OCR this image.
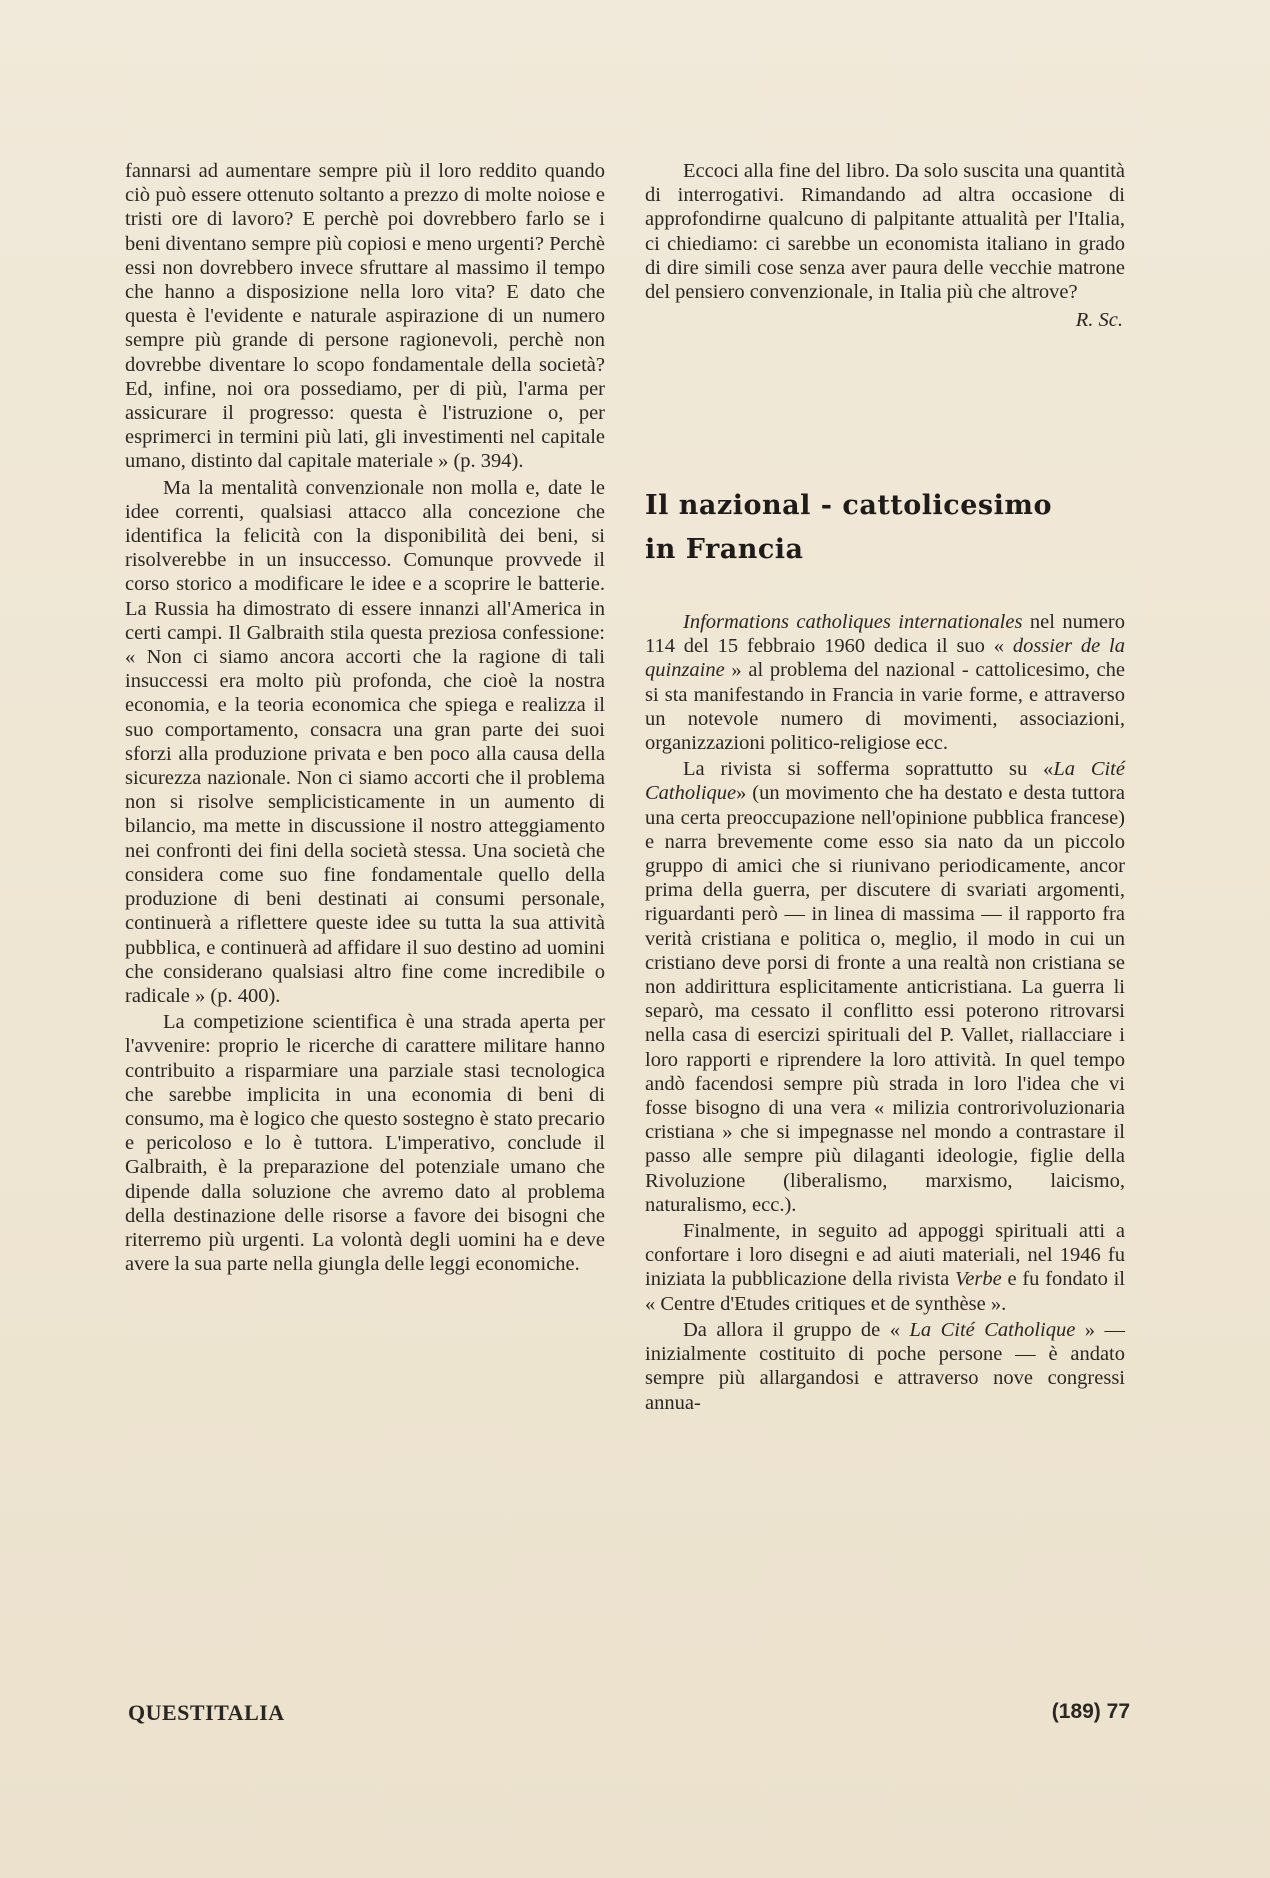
fannarsi ad aumentare sempre più il loro reddito quando ciò può essere ottenuto soltanto a prezzo di molte noiose e tristi ore di lavoro? E perchè poi dovrebbero farlo se i beni diventano sempre più copiosi e meno urgenti? Perchè essi non dovrebbero invece sfruttare al massimo il tempo che hanno a disposizione nella loro vita? E dato che questa è l'evidente e naturale aspirazione di un numero sempre più grande di persone ragionevoli, perchè non dovrebbe diventare lo scopo fondamentale della società? Ed, infine, noi ora possediamo, per di più, l'arma per assicurare il progresso: questa è l'istruzione o, per esprimerci in termini più lati, gli investimenti nel capitale umano, distinto dal capitale materiale » (p. 394).

Ma la mentalità convenzionale non molla e, date le idee correnti, qualsiasi attacco alla concezione che identifica la felicità con la disponibilità dei beni, si risolverebbe in un insuccesso. Comunque provvede il corso storico a modificare le idee e a scoprire le batterie. La Russia ha dimostrato di essere innanzi all'America in certi campi. Il Galbraith stila questa preziosa confessione: « Non ci siamo ancora accorti che la ragione di tali insuccessi era molto più profonda, che cioè la nostra economia, e la teoria economica che spiega e realizza il suo comportamento, consacra una gran parte dei suoi sforzi alla produzione privata e ben poco alla causa della sicurezza nazionale. Non ci siamo accorti che il problema non si risolve semplicisticamente in un aumento di bilancio, ma mette in discussione il nostro atteggiamento nei confronti dei fini della società stessa. Una società che considera come suo fine fondamentale quello della produzione di beni destinati ai consumi personale, continuerà a riflettere queste idee su tutta la sua attività pubblica, e continuerà ad affidare il suo destino ad uomini che considerano qualsiasi altro fine come incredibile o radicale » (p. 400).

La competizione scientifica è una strada aperta per l'avvenire: proprio le ricerche di carattere militare hanno contribuito a risparmiare una parziale stasi tecnologica che sarebbe implicita in una economia di beni di consumo, ma è logico che questo sostegno è stato precario e pericoloso e lo è tuttora. L'imperativo, conclude il Galbraith, è la preparazione del potenziale umano che dipende dalla soluzione che avremo dato al problema della destinazione delle risorse a favore dei bisogni che riterremo più urgenti. La volontà degli uomini ha e deve avere la sua parte nella giungla delle leggi economiche.

Eccoci alla fine del libro. Da solo suscita una quantità di interrogativi. Rimandando ad altra occasione di approfondirne qualcuno di palpitante attualità per l'Italia, ci chiediamo: ci sarebbe un economista italiano in grado di dire simili cose senza aver paura delle vecchie matrone del pensiero convenzionale, in Italia più che altrove?

R. Sc.
Il nazional - cattolicesimo
in Francia

Informations catholiques internationales nel numero 114 del 15 febbraio 1960 dedica il suo « dossier de la quinzaine » al problema del nazional - cattolicesimo, che si sta manifestando in Francia in varie forme, e attraverso un notevole numero di movimenti, associazioni, organizzazioni politico-religiose ecc.

La rivista si sofferma soprattutto su «La Cité Catholique» (un movimento che ha destato e desta tuttora una certa preoccupazione nell'opinione pubblica francese) e narra brevemente come esso sia nato da un piccolo gruppo di amici che si riunivano periodicamente, ancor prima della guerra, per discutere di svariati argomenti, riguardanti però — in linea di massima — il rapporto fra verità cristiana e politica o, meglio, il modo in cui un cristiano deve porsi di fronte a una realtà non cristiana se non addirittura esplicitamente anticristiana. La guerra li separò, ma cessato il conflitto essi poterono ritrovarsi nella casa di esercizi spirituali del P. Vallet, riallacciare i loro rapporti e riprendere la loro attività. In quel tempo andò facendosi sempre più strada in loro l'idea che vi fosse bisogno di una vera « milizia controrivoluzionaria cristiana » che si impegnasse nel mondo a contrastare il passo alle sempre più dilaganti ideologie, figlie della Rivoluzione (liberalismo, marxismo, laicismo, naturalismo, ecc.).

Finalmente, in seguito ad appoggi spirituali atti a confortare i loro disegni e ad aiuti materiali, nel 1946 fu iniziata la pubblicazione della rivista Verbe e fu fondato il « Centre d'Etudes critiques et de synthèse ».

Da allora il gruppo de « La Cité Catholique » — inizialmente costituito di poche persone — è andato sempre più allargandosi e attraverso nove congressi annua-

QUESTITALIA	(189) 77
